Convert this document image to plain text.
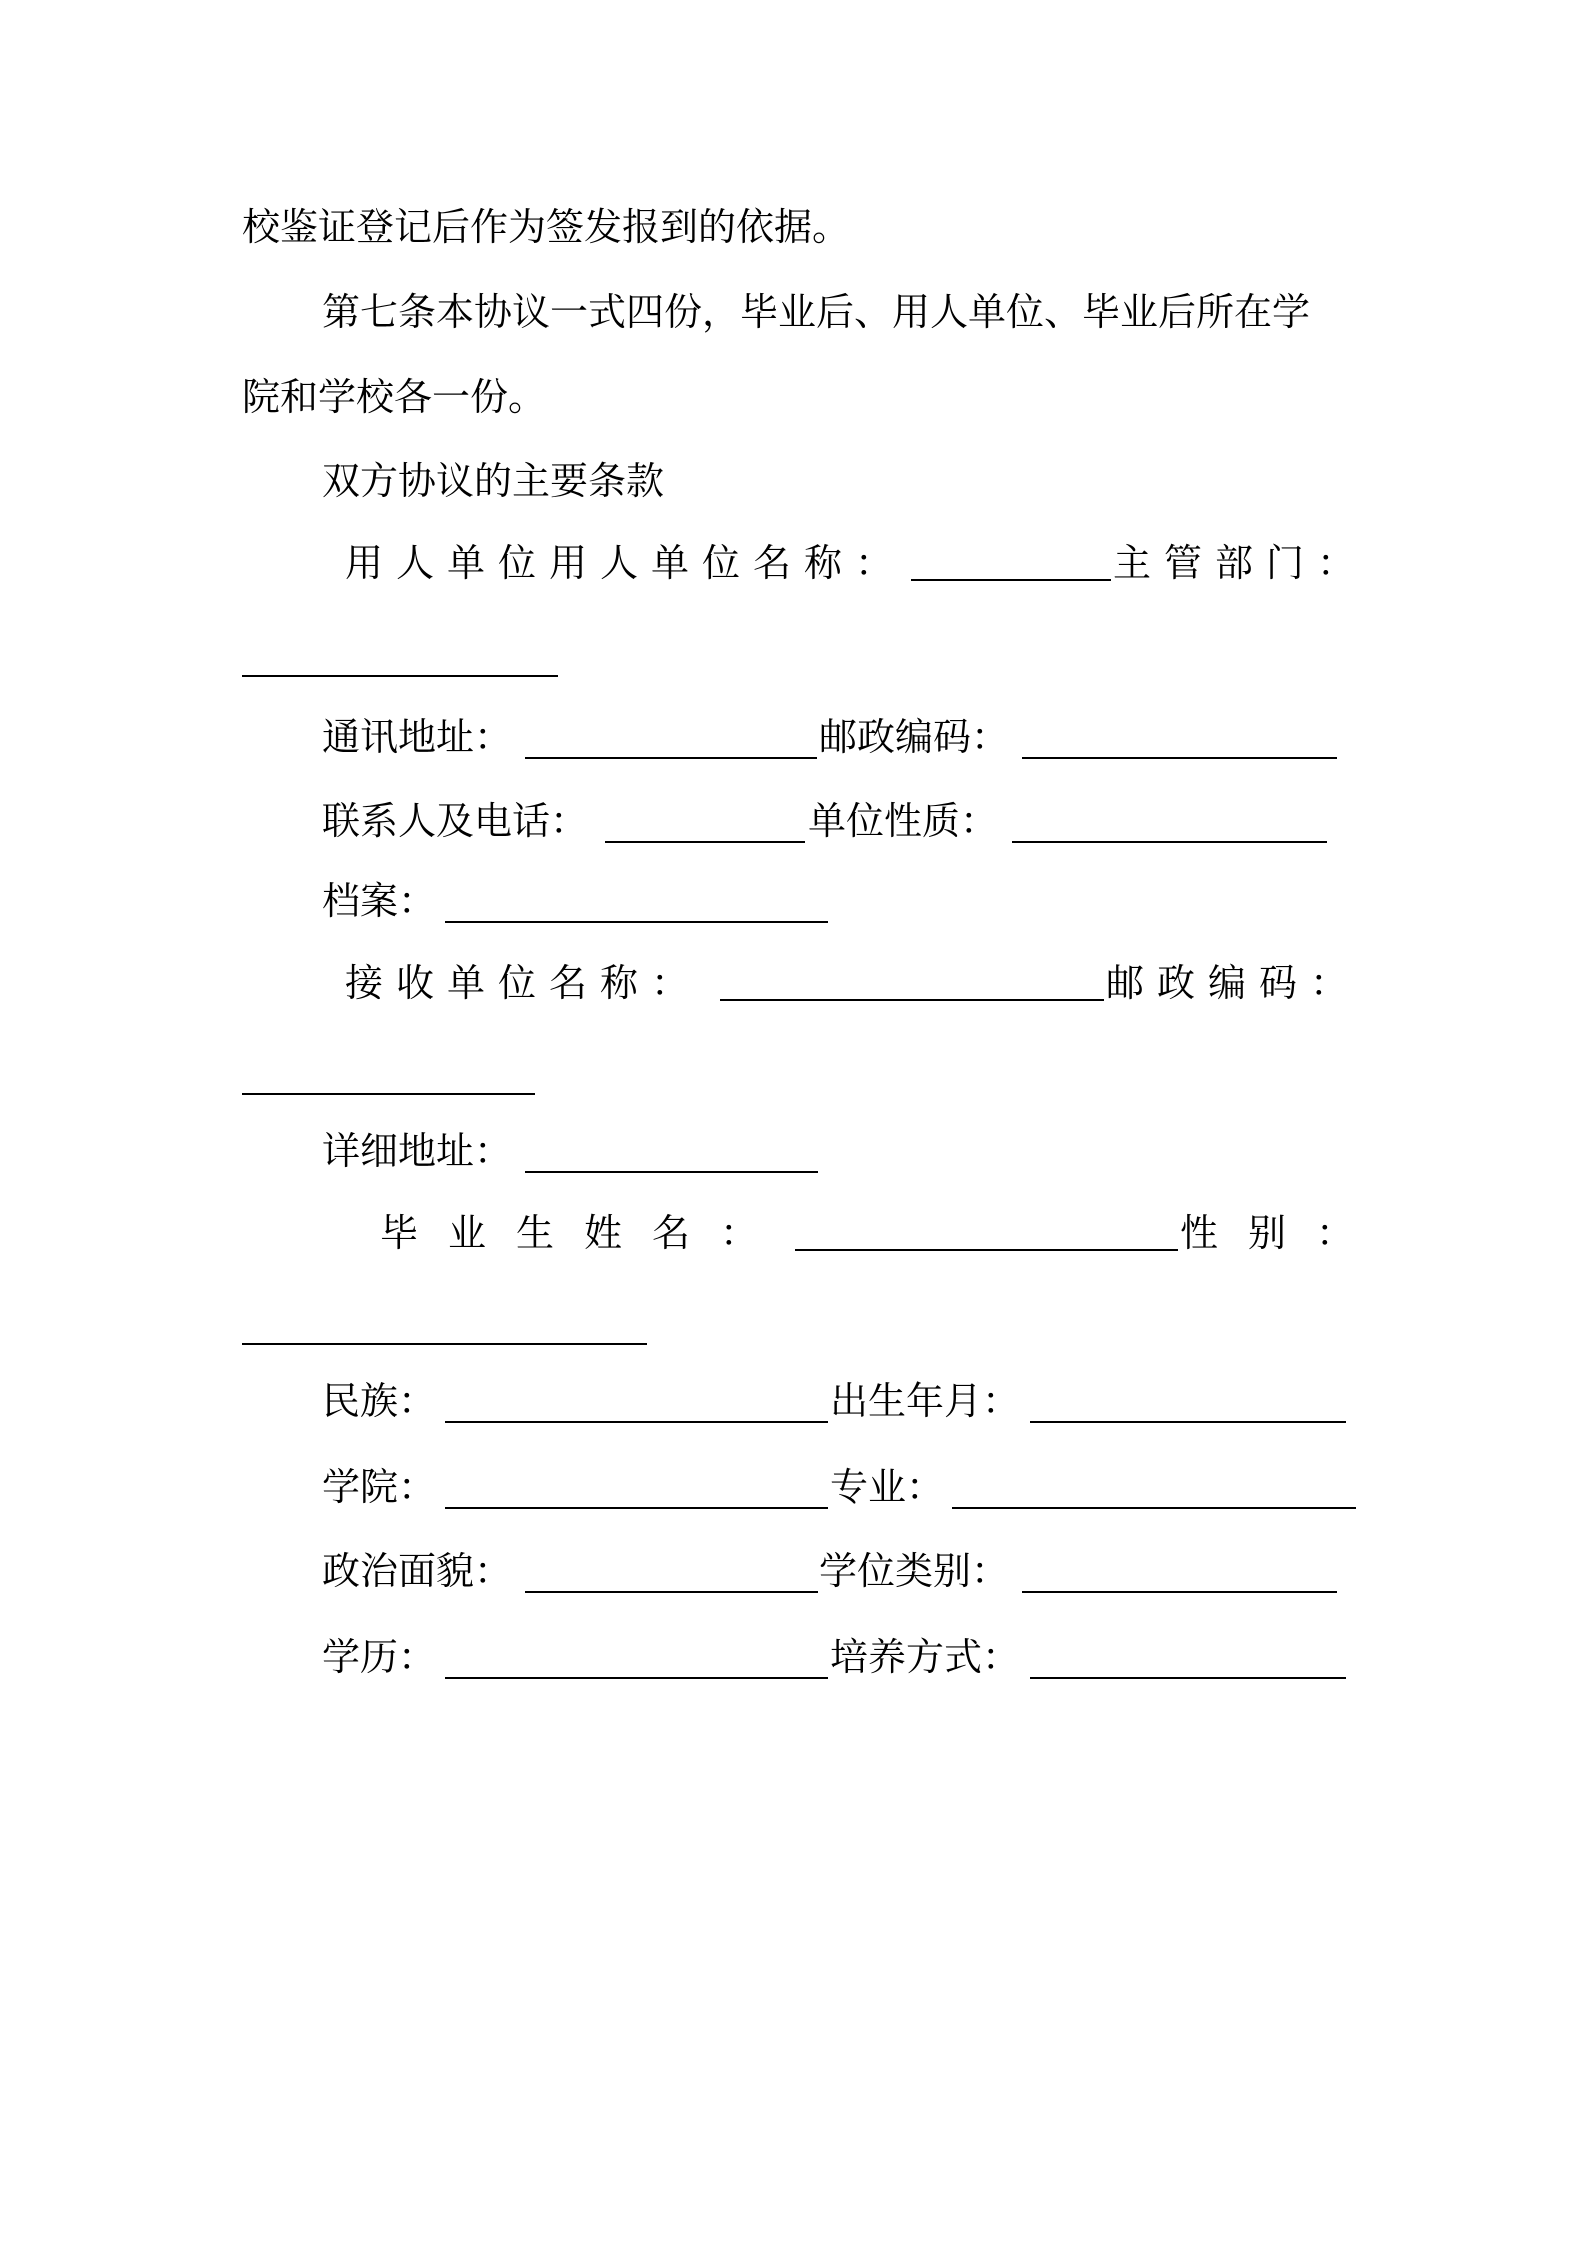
校鉴证登记后作为签发报到的依据。
第七条本协议一式四份，毕业后、用人单位、毕业后所在学
院和学校各一份。
双方协议的主要条款
用人单位用人单位名称：	主管部门：
通讯地址：	邮政编码：
联系人及电话：	单位性质：
档案：
接收单位名称：	邮政编码：
详细地址：
毕业生姓名：	性别：
民族：	出生年月：
学院：	专业：
政治面貌：	学位类别：
学历：	培养方式：
